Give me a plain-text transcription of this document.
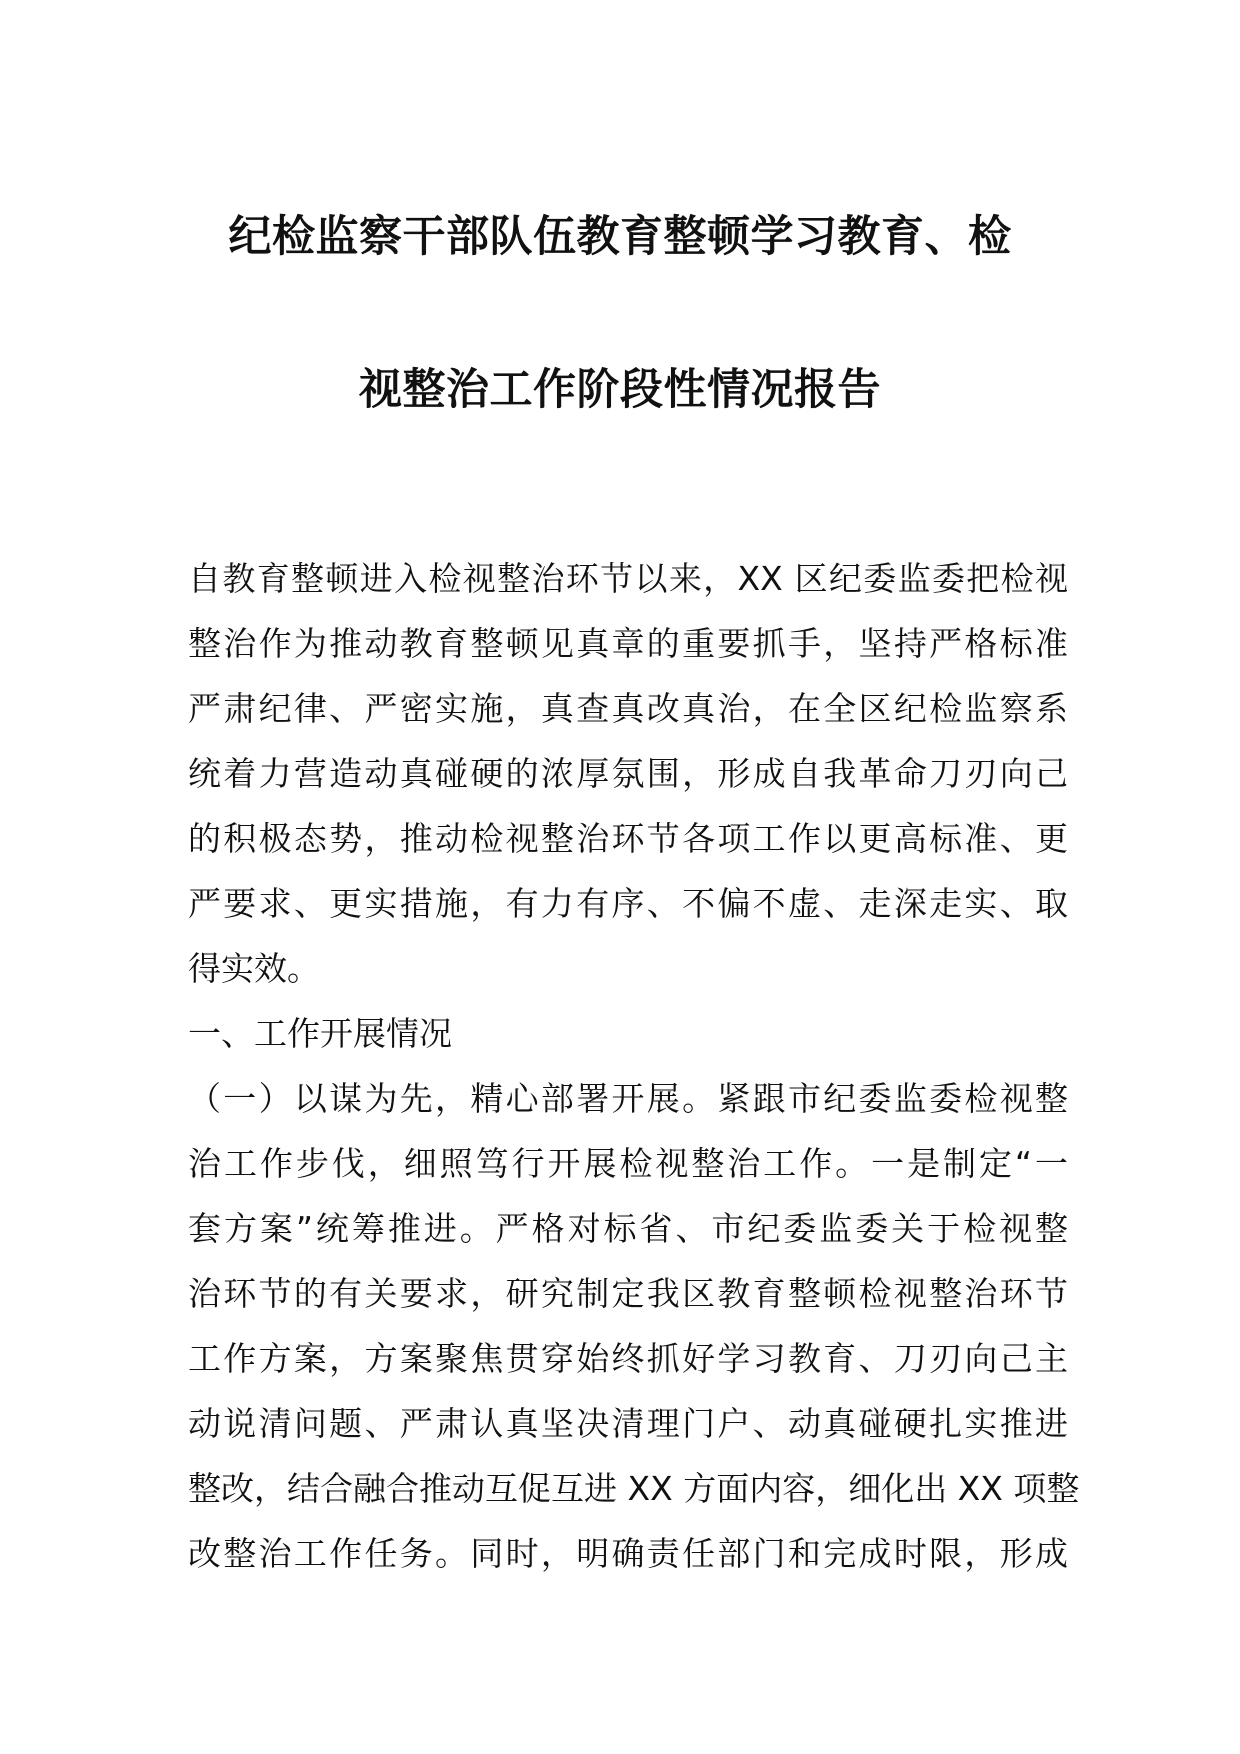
纪检监察干部队伍教育整顿学习教育、检
视整治工作阶段性情况报告
自教育整顿进入检视整治环节以来，XX 区纪委监委把检视
整治作为推动教育整顿见真章的重要抓手，坚持严格标准
严肃纪律、严密实施，真查真改真治，在全区纪检监察系
统着力营造动真碰硬的浓厚氛围，形成自我革命刀刃向己
的积极态势，推动检视整治环节各项工作以更高标准、更
严要求、更实措施，有力有序、不偏不虚、走深走实、取
得实效。
一、工作开展情况
（一）以谋为先，精心部署开展。紧跟市纪委监委检视整
治工作步伐，细照笃行开展检视整治工作。一是制定“一
套方案”统筹推进。严格对标省、市纪委监委关于检视整
治环节的有关要求，研究制定我区教育整顿检视整治环节
工作方案，方案聚焦贯穿始终抓好学习教育、刀刃向己主
动说清问题、严肃认真坚决清理门户、动真碰硬扎实推进
整改，结合融合推动互促互进 XX 方面内容，细化出 XX 项整
改整治工作任务。同时，明确责任部门和完成时限，形成
